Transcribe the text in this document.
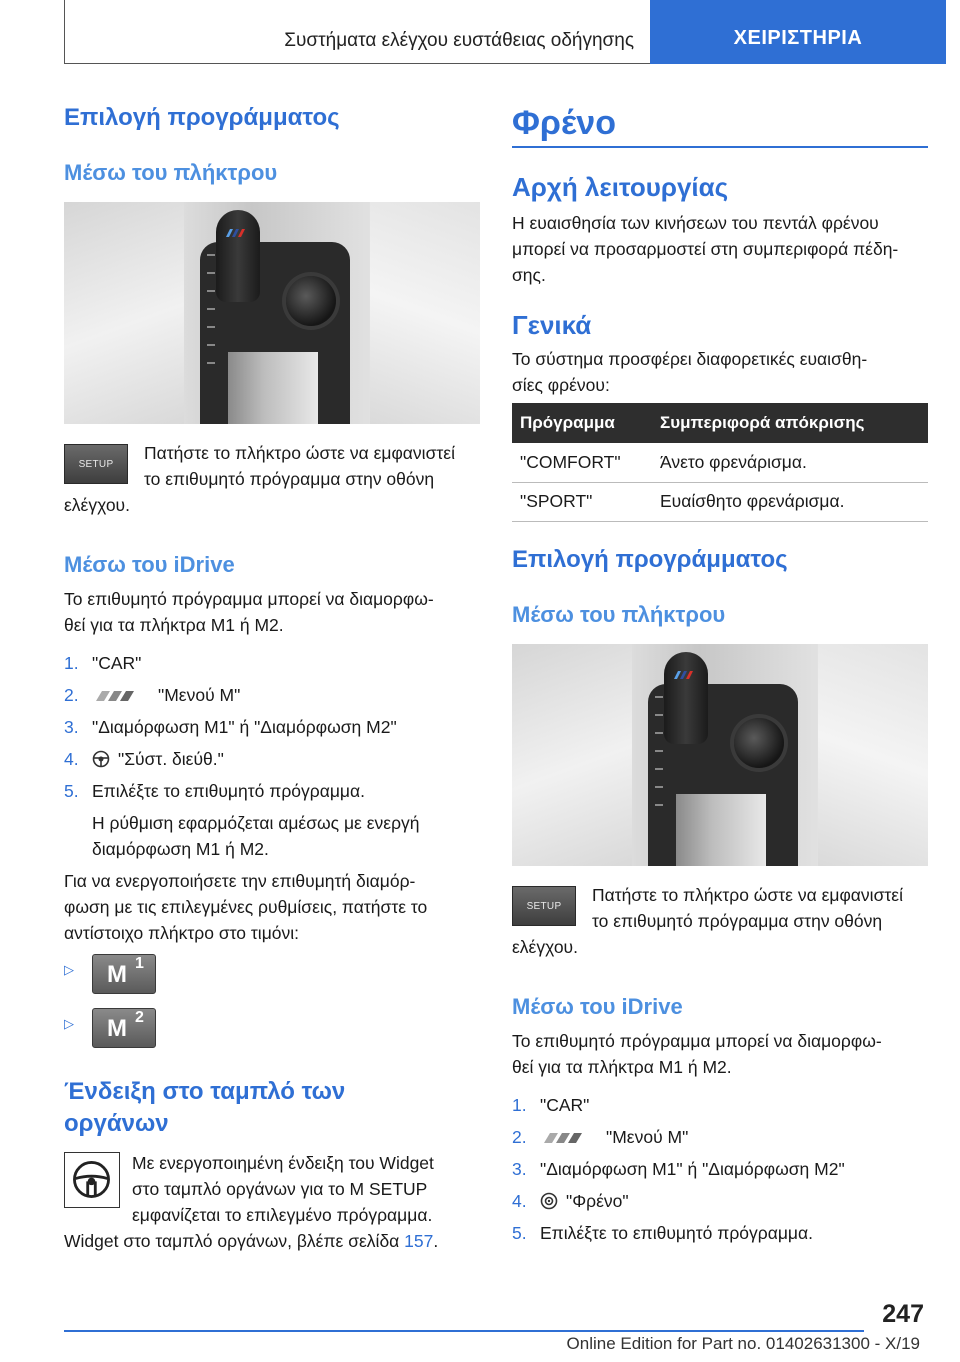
Συστήματα ελέγχου ευστάθειας οδήγησης	ΧΕΙΡΙΣΤΗΡΙΑ
Επιλογή προγράμματος
Μέσω του πλήκτρου
SETUP
Πατήστε το πλήκτρο ώστε να εμφανιστεί
το επιθυμητό πρόγραμμα στην οθόνη
ελέγχου.
Μέσω του iDrive
Το επιθυμητό πρόγραμμα μπορεί να διαμορφω-
θεί για τα πλήκτρα M1 ή M2.
1. "CAR"
2.	"Μενού M"
3. "Διαμόρφωση M1" ή "Διαμόρφωση M2"
4. "Σύστ. διεύθ."
5. Επιλέξτε το επιθυμητό πρόγραμμα.
Η ρύθμιση εφαρμόζεται αμέσως με ενεργή
διαμόρφωση M1 ή M2.
Για να ενεργοποιήσετε την επιθυμητή διαμόρ-
φωση με τις επιλεγμένες ρυθμίσεις, πατήστε το
αντίστοιχο πλήκτρο στο τιμόνι:
▷ M 1
▷ M 2
Ένδειξη στο ταμπλό των
οργάνων
Με ενεργοποιημένη ένδειξη του Widget
στο ταμπλό οργάνων για το M SETUP
εμφανίζεται το επιλεγμένο πρόγραμμα.
Widget στο ταμπλό οργάνων, βλέπε σελίδα 157.
Φρένο
Αρχή λειτουργίας
Η ευαισθησία των κινήσεων του πεντάλ φρένου
μπορεί να προσαρμοστεί στη συμπεριφορά πέδη-
σης.
Γενικά
Το σύστημα προσφέρει διαφορετικές ευαισθη-
σίες φρένου:
Πρόγραμμα	Συμπεριφορά απόκρισης
"COMFORT"	Άνετο φρενάρισμα.
"SPORT"	Ευαίσθητο φρενάρισμα.
Επιλογή προγράμματος
Μέσω του πλήκτρου
SETUP
Πατήστε το πλήκτρο ώστε να εμφανιστεί
το επιθυμητό πρόγραμμα στην οθόνη
ελέγχου.
Μέσω του iDrive
Το επιθυμητό πρόγραμμα μπορεί να διαμορφω-
θεί για τα πλήκτρα M1 ή M2.
1. "CAR"
2.	"Μενού M"
3. "Διαμόρφωση M1" ή "Διαμόρφωση M2"
4. "Φρένο"
5. Επιλέξτε το επιθυμητό πρόγραμμα.
247
Online Edition for Part no. 01402631300 - X/19
